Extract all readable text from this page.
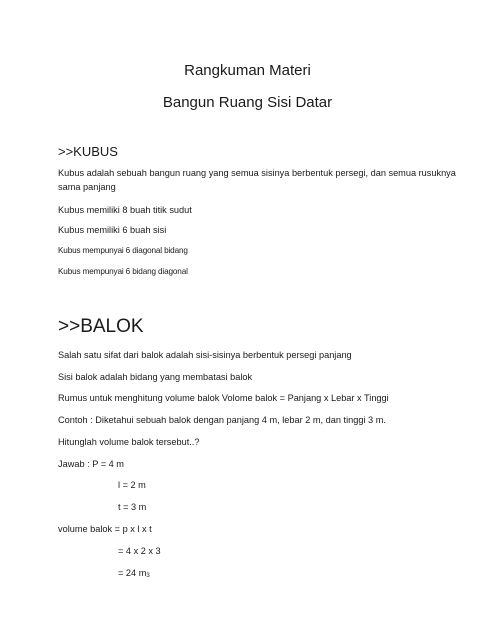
Rangkuman Materi
Bangun Ruang Sisi Datar
>>KUBUS
Kubus adalah sebuah bangun ruang yang semua sisinya berbentuk persegi, dan semua rusuknya
sama panjang
Kubus memiliki 8 buah titik sudut
Kubus memiliki 6 buah sisi
Kubus mempunyai 6 diagonal bidang
Kubus mempunyai 6 bidang diagonal
>>BALOK
Salah satu sifat dari balok adalah sisi-sisinya berbentuk persegi panjang
Sisi balok adalah bidang yang membatasi balok
Rumus untuk menghitung volume balok Volome balok = Panjang x Lebar x Tinggi
Contoh : Diketahui sebuah balok dengan panjang 4 m, lebar 2 m, dan tinggi 3 m.
Hitunglah volume balok tersebut..?
Jawab : P = 4 m
l = 2 m
t = 3 m
volume balok = p x l x t
= 4 x 2 x 3
= 24 $m_3$
